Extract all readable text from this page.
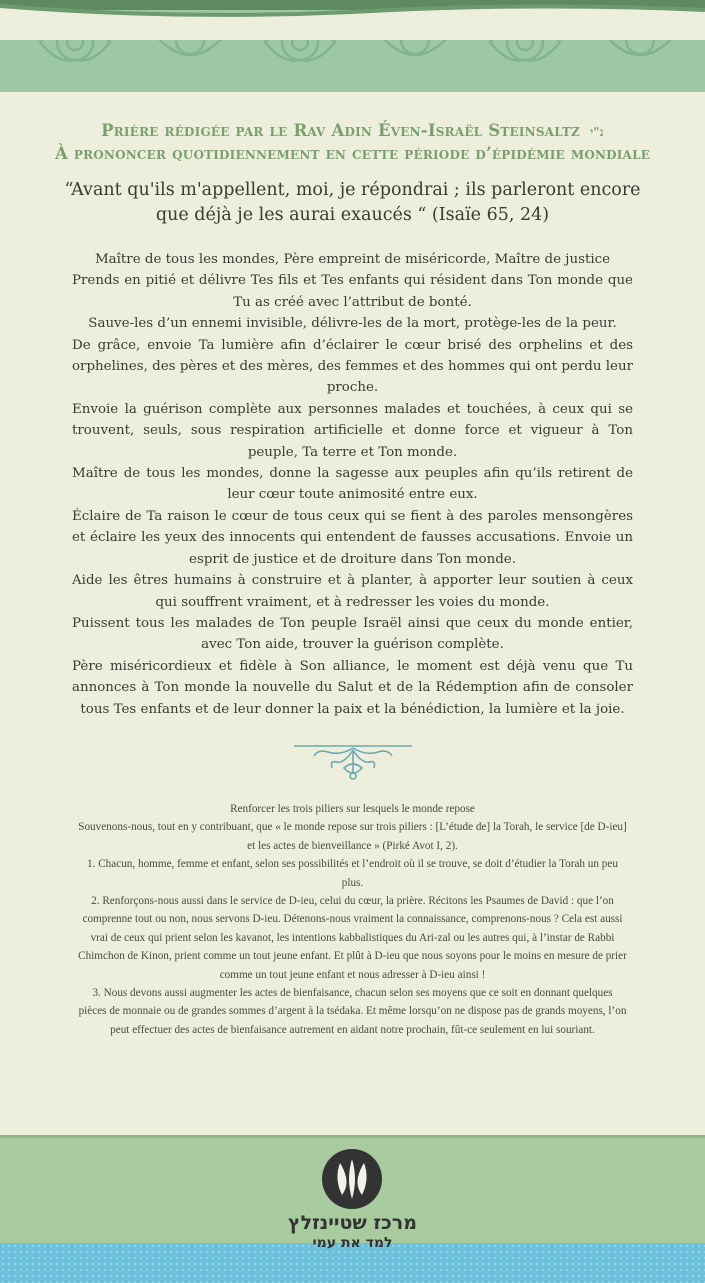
Prière rédigée par le Rav Adin Éven-Israël Steinsaltz נ"י
À prononcer quotidiennement en cette période d’épidémie mondiale
“Avant qu'ils m'appellent, moi, je répondrai ; ils parleront encore que déjà je les aurai exaucés “ (Isaïe 65, 24)

Maître de tous les mondes, Père empreint de miséricorde, Maître de justice

Prends en pitié et délivre Tes fils et Tes enfants qui résident dans Ton monde que Tu as créé avec l’attribut de bonté.

Sauve-les d’un ennemi invisible, délivre-les de la mort, protège-les de la peur.

De grâce, envoie Ta lumière afin d’éclairer le cœur brisé des orphelins et des orphelines, des pères et des mères, des femmes et des hommes qui ont perdu leur proche.

Envoie la guérison complète aux personnes malades et touchées, à ceux qui se trouvent, seuls, sous respiration artificielle et donne force et vigueur à Ton peuple, Ta terre et Ton monde.

Maître de tous les mondes, donne la sagesse aux peuples afin qu’ils retirent de leur cœur toute animosité entre eux.

Éclaire de Ta raison le cœur de tous ceux qui se fient à des paroles mensongères et éclaire les yeux des innocents qui entendent de fausses accusations. Envoie un esprit de justice et de droiture dans Ton monde.

Aide les êtres humains à construire et à planter, à apporter leur soutien à ceux qui souffrent vraiment, et à redresser les voies du monde.

Puissent tous les malades de Ton peuple Israël ainsi que ceux du monde entier, avec Ton aide, trouver la guérison complète.

Père miséricordieux et fidèle à Son alliance, le moment est déjà venu que Tu annonces à Ton monde la nouvelle du Salut et de la Rédemption afin de consoler tous Tes enfants et de leur donner la paix et la bénédiction, la lumière et la joie.

Renforcer les trois piliers sur lesquels le monde repose

Souvenons-nous, tout en y contribuant, que « le monde repose sur trois piliers : [L’étude de] la Torah, le service [de D-ieu] et les actes de bienveillance » (Pirké Avot I, 2).

1. Chacun, homme, femme et enfant, selon ses possibilités et l’endroit où il se trouve, se doit d’étudier la Torah un peu plus.

2. Renforçons-nous aussi dans le service de D-ieu, celui du cœur, la prière. Récitons les Psaumes de David : que l’on comprenne tout ou non, nous servons D-ieu. Détenons-nous vraiment la connaissance, comprenons-nous ? Cela est aussi vrai de ceux qui prient selon les kavanot, les intentions kabbalistiques du Ari-zal ou les autres qui, à l’instar de Rabbi Chimchon de Kinon, prient comme un tout jeune enfant. Et plût à D-ieu que nous soyons pour le moins en mesure de prier comme un tout jeune enfant et nous adresser à D-ieu ainsi !

3. Nous devons aussi augmenter les actes de bienfaisance, chacun selon ses moyens que ce soit en donnant quelques pièces de monnaie ou de grandes sommes d’argent à la tsédaka. Et même lorsqu’on ne dispose pas de grands moyens, l’on peut effectuer des actes de bienfaisance autrement en aidant notre prochain, fût-ce seulement en lui souriant.

מרכז שטיינזלץ
למד את עמי
